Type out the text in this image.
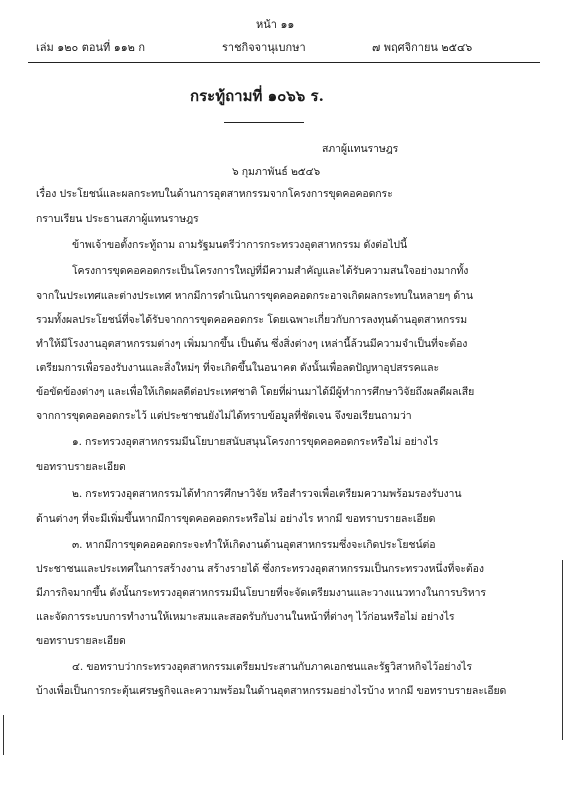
หน้า ๑๑
เล่ม ๑๒๐ ตอนที่ ๑๑๒ ก	ราชกิจจานุเบกษา	๗ พฤศจิกายน ๒๕๔๖
กระทู้ถามที่ ๑๐๖๖ ร.
สภาผู้แทนราษฎร
๖ กุมภาพันธ์ ๒๕๔๖
เรื่อง ประโยชน์และผลกระทบในด้านการอุตสาหกรรมจากโครงการขุดคอคอดกระ
กราบเรียน ประธานสภาผู้แทนราษฎร
ข้าพเจ้าขอตั้งกระทู้ถาม ถามรัฐมนตรีว่าการกระทรวงอุตสาหกรรม ดังต่อไปนี้
โครงการขุดคอคอดกระเป็นโครงการใหญ่ที่มีความสำคัญและได้รับความสนใจอย่างมากทั้ง
จากในประเทศและต่างประเทศ หากมีการดำเนินการขุดคอคอดกระอาจเกิดผลกระทบในหลายๆ ด้าน
รวมทั้งผลประโยชน์ที่จะได้รับจากการขุดคอคอดกระ โดยเฉพาะเกี่ยวกับการลงทุนด้านอุตสาหกรรม
ทำให้มีโรงงานอุตสาหกรรมต่างๆ เพิ่มมากขึ้น เป็นต้น ซึ่งสิ่งต่างๆ เหล่านี้ล้วนมีความจำเป็นที่จะต้อง
เตรียมการเพื่อรองรับงานและสิ่งใหม่ๆ ที่จะเกิดขึ้นในอนาคต ดังนั้นเพื่อลดปัญหาอุปสรรคและ
ข้อขัดข้องต่างๆ และเพื่อให้เกิดผลดีต่อประเทศชาติ โดยที่ผ่านมาได้มีผู้ทำการศึกษาวิจัยถึงผลดีผลเสีย
จากการขุดคอคอดกระไว้ แต่ประชาชนยังไม่ได้ทราบข้อมูลที่ชัดเจน จึงขอเรียนถามว่า
๑. กระทรวงอุตสาหกรรมมีนโยบายสนับสนุนโครงการขุดคอคอดกระหรือไม่ อย่างไร
ขอทราบรายละเอียด
๒. กระทรวงอุตสาหกรรมได้ทำการศึกษาวิจัย หรือสำรวจเพื่อเตรียมความพร้อมรองรับงาน
ด้านต่างๆ ที่จะมีเพิ่มขึ้นหากมีการขุดคอคอดกระหรือไม่ อย่างไร หากมี ขอทราบรายละเอียด
๓. หากมีการขุดคอคอดกระจะทำให้เกิดงานด้านอุตสาหกรรมซึ่งจะเกิดประโยชน์ต่อ
ประชาชนและประเทศในการสร้างงาน สร้างรายได้ ซึ่งกระทรวงอุตสาหกรรมเป็นกระทรวงหนึ่งที่จะต้อง
มีภารกิจมากขึ้น ดังนั้นกระทรวงอุตสาหกรรมมีนโยบายที่จะจัดเตรียมงานและวางแนวทางในการบริหาร
และจัดการระบบการทำงานให้เหมาะสมและสอดรับกับงานในหน้าที่ต่างๆ ไว้ก่อนหรือไม่ อย่างไร
ขอทราบรายละเอียด
๔. ขอทราบว่ากระทรวงอุตสาหกรรมเตรียมประสานกับภาคเอกชนและรัฐวิสาหกิจไว้อย่างไร
บ้างเพื่อเป็นการกระตุ้นเศรษฐกิจและความพร้อมในด้านอุตสาหกรรมอย่างไรบ้าง หากมี ขอทราบรายละเอียด
